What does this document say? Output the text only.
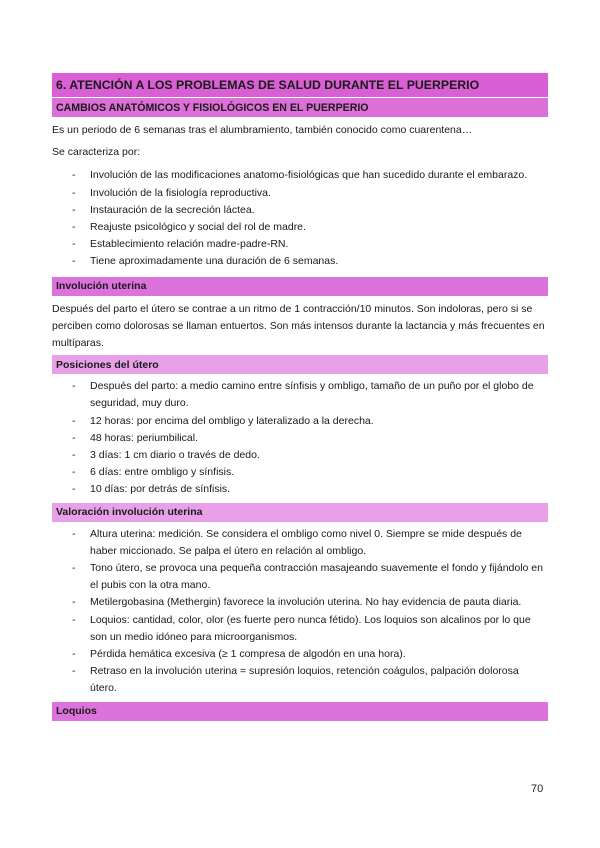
6. ATENCIÓN A LOS PROBLEMAS DE SALUD DURANTE EL PUERPERIO
CAMBIOS ANATÓMICOS Y FISIOLÓGICOS EN EL PUERPERIO

Es un periodo de 6 semanas tras el alumbramiento, también conocido como cuarentena…

Se caracteriza por:

- Involución de las modificaciones anatomo-fisiológicas que han sucedido durante el embarazo.
- Involución de la fisiología reproductiva.
- Instauración de la secreción láctea.
- Reajuste psicológico y social del rol de madre.
- Establecimiento relación madre-padre-RN.
- Tiene aproximadamente una duración de 6 semanas.
Involución uterina

Después del parto el útero se contrae a un ritmo de 1 contracción/10 minutos. Son indoloras, pero si se perciben como dolorosas se llaman entuertos. Son más intensos durante la lactancia y más frecuentes en multíparas.

Posiciones del útero
- Después del parto: a medio camino entre sínfisis y ombligo, tamaño de un puño por el globo de seguridad, muy duro.
- 12 horas: por encima del ombligo y lateralizado a la derecha.
- 48 horas: periumbilical.
- 3 días: 1 cm diario o través de dedo.
- 6 días: entre ombligo y sínfisis.
- 10 días: por detrás de sínfisis.
Valoración involución uterina
- Altura uterina: medición. Se considera el ombligo como nivel 0. Siempre se mide después de haber miccionado. Se palpa el útero en relación al ombligo.
- Tono útero, se provoca una pequeña contracción masajeando suavemente el fondo y fijándolo en el pubis con la otra mano.
- Metilergobasina (Methergin) favorece la involución uterina. No hay evidencia de pauta diaria.
- Loquios: cantidad, color, olor (es fuerte pero nunca fétido). Los loquios son alcalinos por lo que son un medio idóneo para microorganismos.
- Pérdida hemática excesiva (≥ 1 compresa de algodón en una hora).
- Retraso en la involución uterina = supresión loquios, retención coágulos, palpación dolorosa útero.
Loquios
70
